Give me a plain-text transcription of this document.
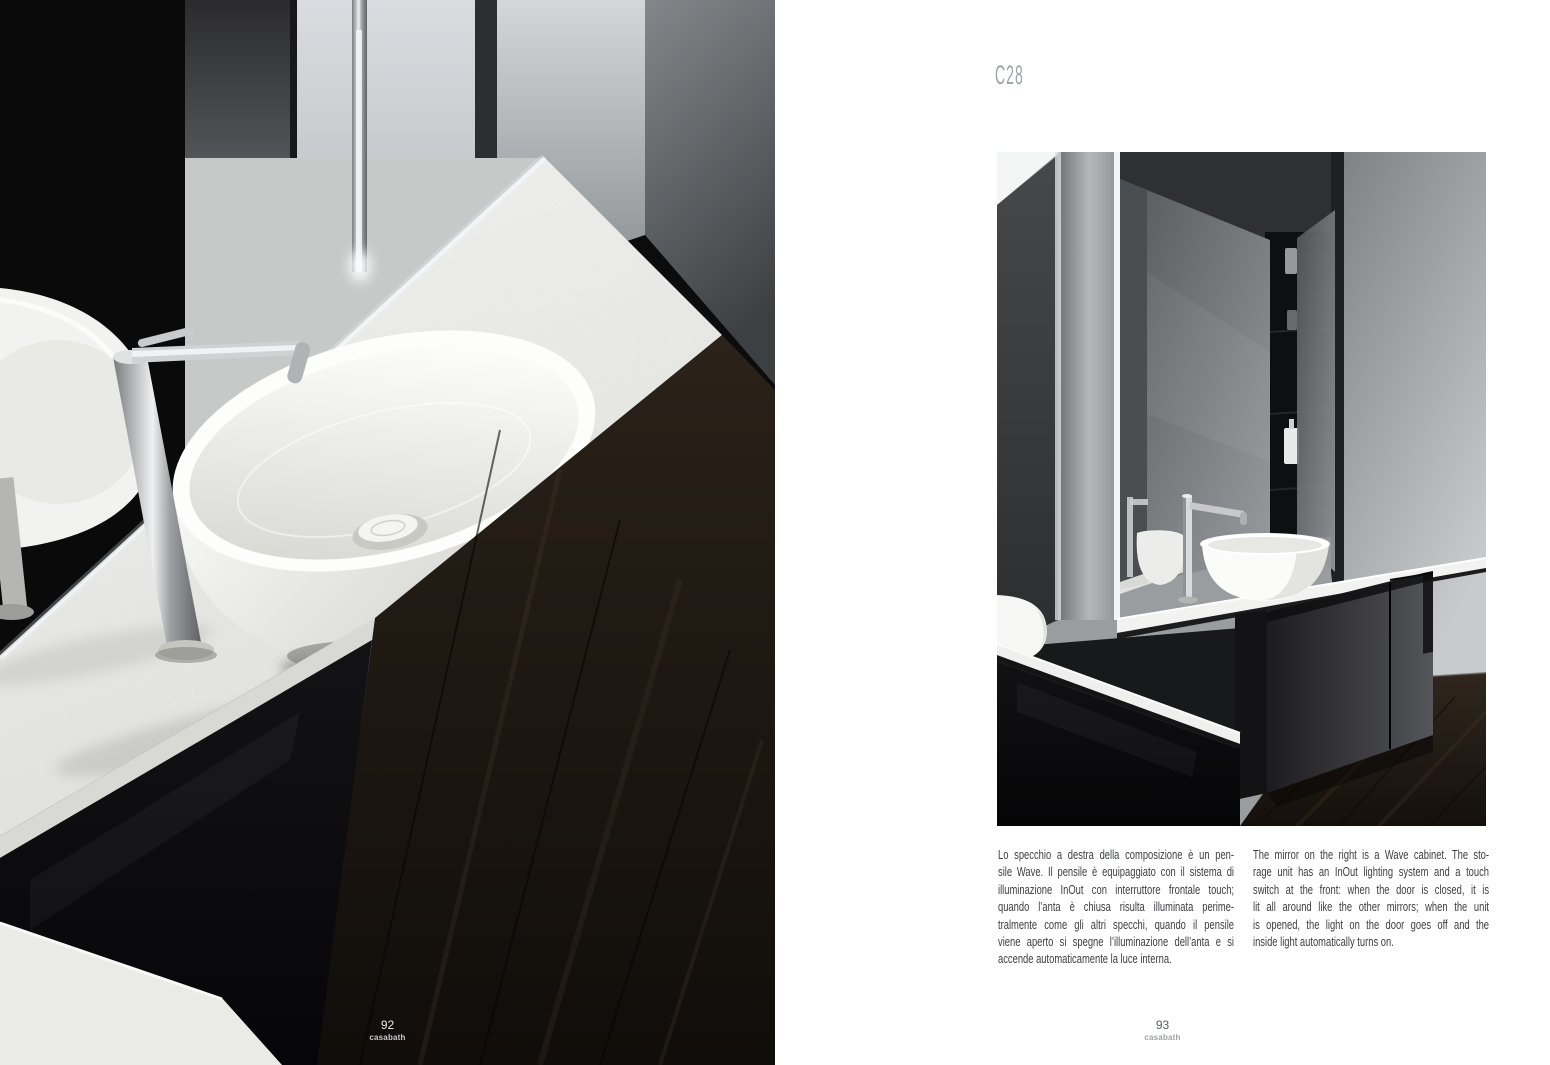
92
casabath
C28
Lo specchio a destra della composizione è un pen-
sile Wave. Il pensile è equipaggiato con il sistema di
illuminazione InOut con interruttore frontale touch;
quando l’anta è chiusa risulta illuminata perime-
tralmente come gli altri specchi, quando il pensile
viene aperto si spegne l’illuminazione dell’anta e si
accende automaticamente la luce interna.
The mirror on the right is a Wave cabinet. The sto-
rage unit has an InOut lighting system and a touch
switch at the front: when the door is closed, it is
lit all around like the other mirrors; when the unit
is opened, the light on the door goes off and the
inside light automatically turns on.
93
casabath
